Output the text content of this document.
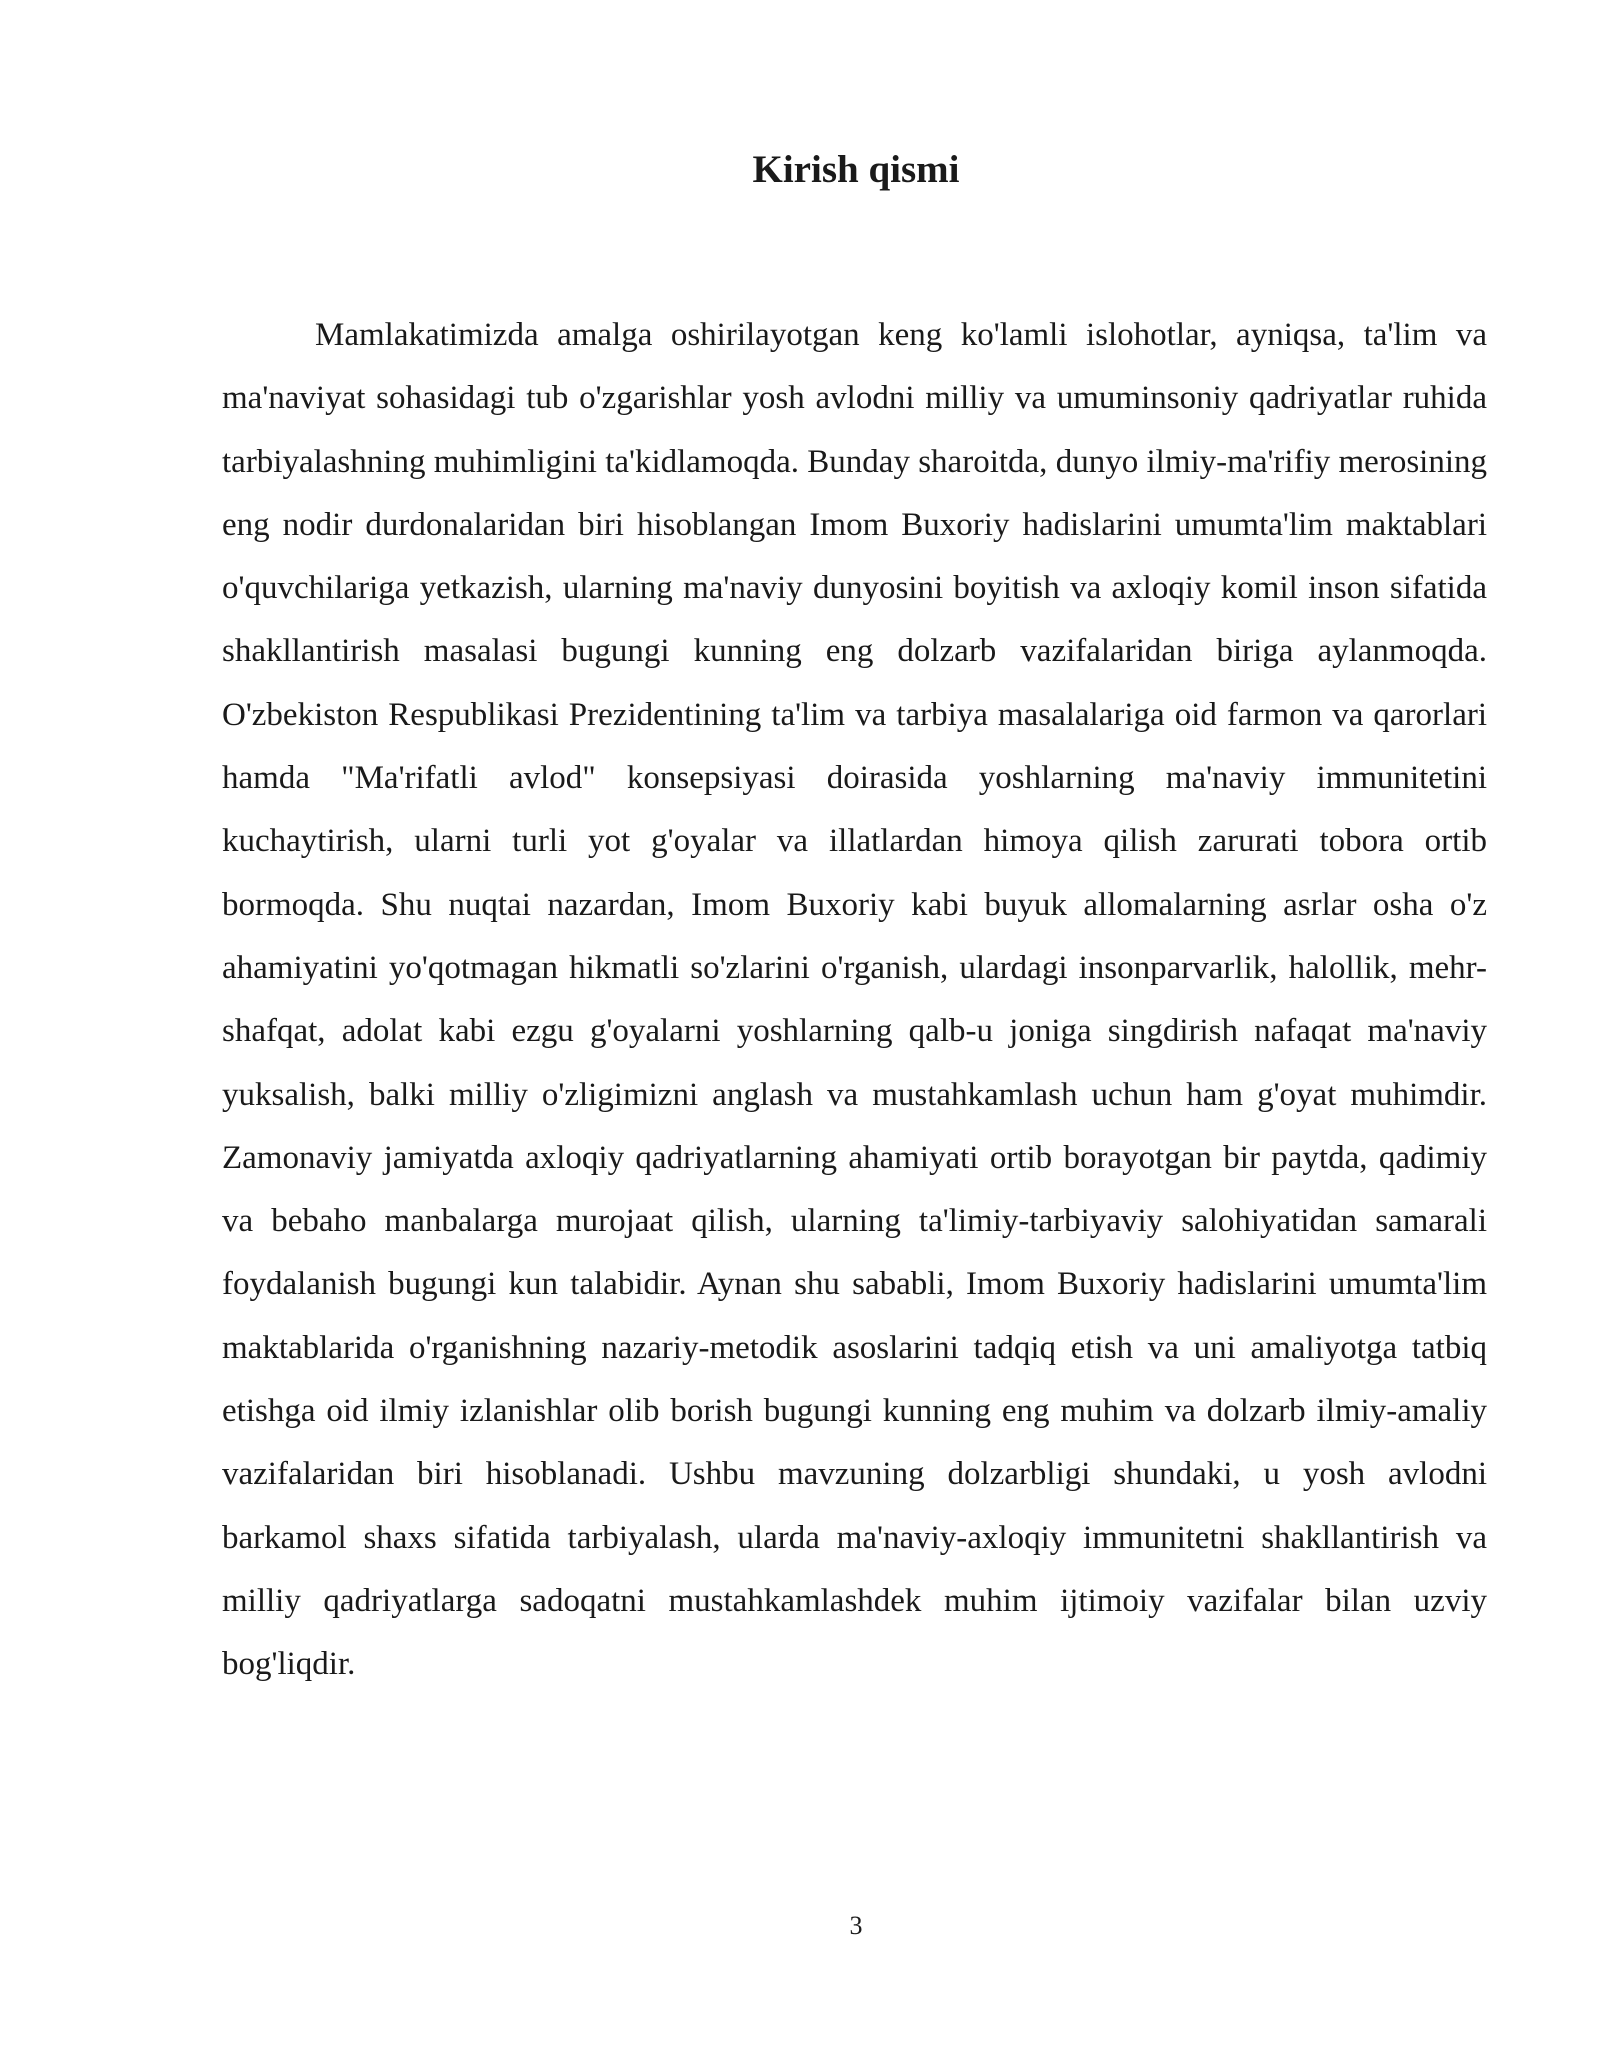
Kirish qismi

Mamlakatimizda amalga oshirilayotgan keng ko'lamli islohotlar, ayniqsa, ta'lim va ma'naviyat sohasidagi tub o'zgarishlar yosh avlodni milliy va umuminsoniy qadriyatlar ruhida tarbiyalashning muhimligini ta'kidlamoqda. Bunday sharoitda, dunyo ilmiy-ma'rifiy merosining eng nodir durdonalaridan biri hisoblangan Imom Buxoriy hadislarini umumta'lim maktablari o'quvchilariga yetkazish, ularning ma'naviy dunyosini boyitish va axloqiy komil inson sifatida shakllantirish masalasi bugungi kunning eng dolzarb vazifalaridan biriga aylanmoqda. O'zbekiston Respublikasi Prezidentining ta'lim va tarbiya masalalariga oid farmon va qarorlari hamda "Ma'rifatli avlod" konsepsiyasi doirasida yoshlarning ma'naviy immunitetini kuchaytirish, ularni turli yot g'oyalar va illatlardan himoya qilish zarurati tobora ortib bormoqda. Shu nuqtai nazardan, Imom Buxoriy kabi buyuk allomalarning asrlar osha o'z ahamiyatini yo'qotmagan hikmatli so'zlarini o'rganish, ulardagi insonparvarlik, halollik, mehr-shafqat, adolat kabi ezgu g'oyalarni yoshlarning qalb-u joniga singdirish nafaqat ma'naviy yuksalish, balki milliy o'zligimizni anglash va mustahkamlash uchun ham g'oyat muhimdir. Zamonaviy jamiyatda axloqiy qadriyatlarning ahamiyati ortib borayotgan bir paytda, qadimiy va bebaho manbalarga murojaat qilish, ularning ta'limiy-tarbiyaviy salohiyatidan samarali foydalanish bugungi kun talabidir. Aynan shu sababli, Imom Buxoriy hadislarini umumta'lim maktablarida o'rganishning nazariy-metodik asoslarini tadqiq etish va uni amaliyotga tatbiq etishga oid ilmiy izlanishlar olib borish bugungi kunning eng muhim va dolzarb ilmiy-amaliy vazifalaridan biri hisoblanadi. Ushbu mavzuning dolzarbligi shundaki, u yosh avlodni barkamol shaxs sifatida tarbiyalash, ularda ma'naviy-axloqiy immunitetni shakllantirish va milliy qadriyatlarga sadoqatni mustahkamlashdek muhim ijtimoiy vazifalar bilan uzviy bog'liqdir.

3
